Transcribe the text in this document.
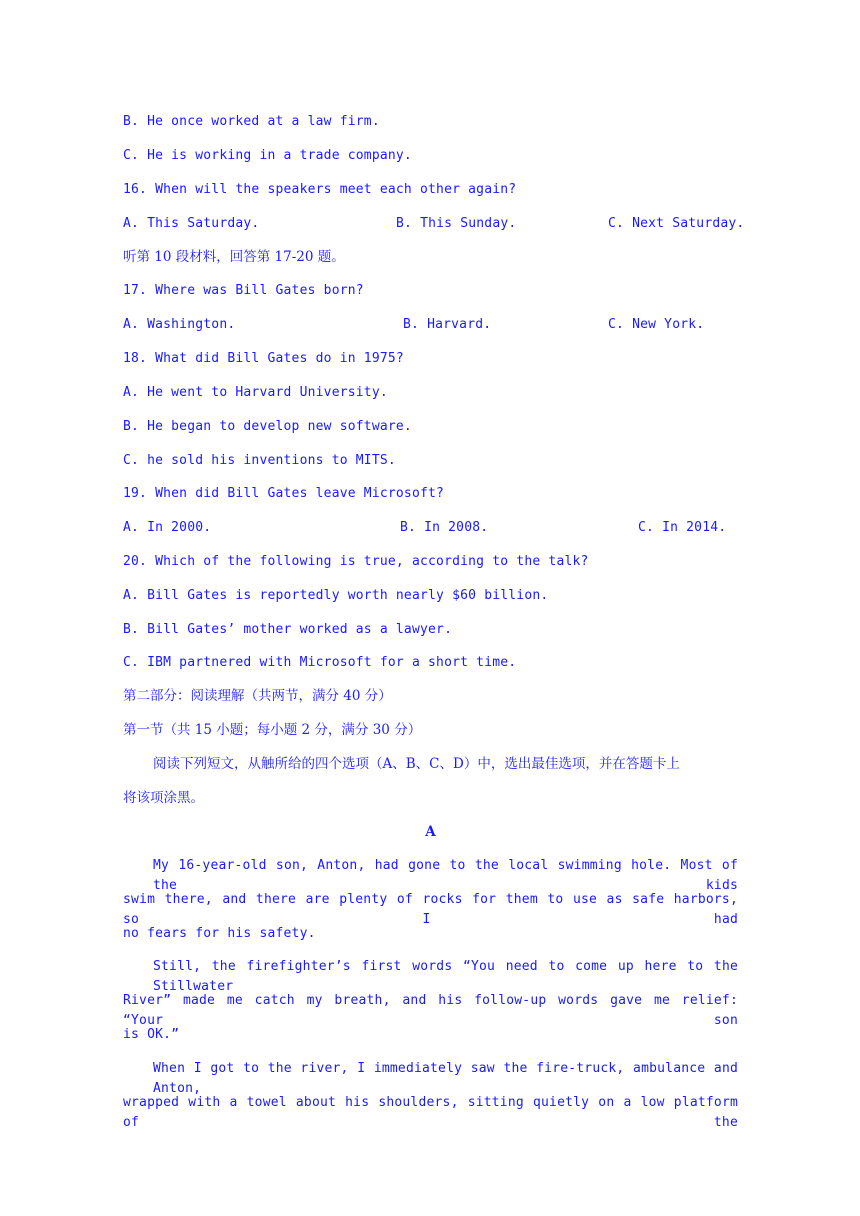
B. He once worked at a law firm.
C. He is working in a trade company.
16. When will the speakers meet each other again?
A. This Saturday.	B. This Sunday.	C. Next Saturday.
听第 10 段材料，回答第 17-20 题。
17. Where was Bill Gates born?
A. Washington.	B. Harvard.	C. New York.
18. What did Bill Gates do in 1975?
A. He went to Harvard University.
B. He began to develop new software.
C. he sold his inventions to MITS.
19. When did Bill Gates leave Microsoft?
A. In 2000.	B. In 2008.	C. In 2014.
20. Which of the following is true, according to the talk?
A. Bill Gates is reportedly worth nearly $60 billion.
B. Bill Gates’ mother worked as a lawyer.
C. IBM partnered with Microsoft for a short time.
第二部分：阅读理解（共两节，满分 40 分）
第一节（共 15 小题；每小题 2 分，满分 30 分）
阅读下列短文，从触所给的四个选项（A、B、C、D）中，选出最佳选项，并在答题卡上
将该项涂黑。
A
My 16-year-old son, Anton, had gone to the local swimming hole. Most of the kids
swim there, and there are plenty of rocks for them to use as safe harbors, so I had
no fears for his safety.
Still, the firefighter’s first words “You need to come up here to the Stillwater
River” made me catch my breath, and his follow-up words gave me relief: “Your son
is OK.”
When I got to the river, I immediately saw the fire-truck, ambulance and Anton,
wrapped with a towel about his shoulders, sitting quietly on a low platform of the
